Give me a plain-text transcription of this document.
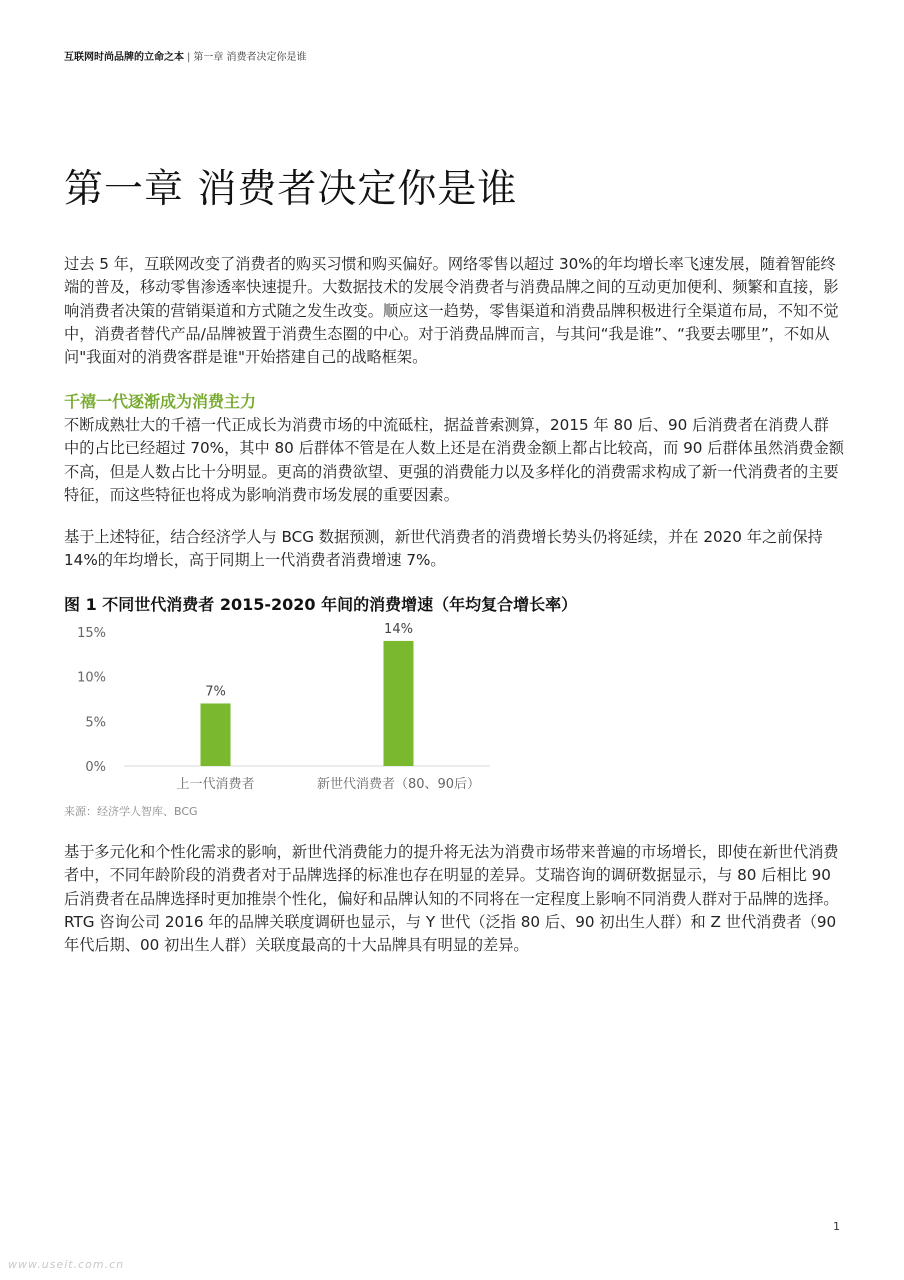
互联网时尚品牌的立命之本 | 第一章 消费者决定你是谁
第一章 消费者决定你是谁

过去 5 年，互联网改变了消费者的购买习惯和购买偏好。网络零售以超过 30%的年均增长率飞速发展，随着智能终端的普及，移动零售渗透率快速提升。大数据技术的发展令消费者与消费品牌之间的互动更加便利、频繁和直接，影响消费者决策的营销渠道和方式随之发生改变。顺应这一趋势，零售渠道和消费品牌积极进行全渠道布局，不知不觉中，消费者替代产品/品牌被置于消费生态圈的中心。对于消费品牌而言，与其问“我是谁”、“我要去哪里”，不如从问"我面对的消费客群是谁"开始搭建自己的战略框架。

千禧一代逐渐成为消费主力

不断成熟壮大的千禧一代正成长为消费市场的中流砥柱，据益普索测算，2015 年 80 后、90 后消费者在消费人群中的占比已经超过 70%，其中 80 后群体不管是在人数上还是在消费金额上都占比较高，而 90 后群体虽然消费金额不高，但是人数占比十分明显。更高的消费欲望、更强的消费能力以及多样化的消费需求构成了新一代消费者的主要特征，而这些特征也将成为影响消费市场发展的重要因素。

基于上述特征，结合经济学人与 BCG 数据预测，新世代消费者的消费增长势头仍将延续，并在 2020 年之前保持 14%的年均增长，高于同期上一代消费者消费增速 7%。

图 1 不同世代消费者 2015-2020 年间的消费增速（年均复合增长率）
0%
5%
10%
15%
7%
上一代消费者
14%
新世代消费者（80、90后）
来源：经济学人智库、BCG

基于多元化和个性化需求的影响，新世代消费能力的提升将无法为消费市场带来普遍的市场增长，即使在新世代消费者中，不同年龄阶段的消费者对于品牌选择的标准也存在明显的差异。艾瑞咨询的调研数据显示，与 80 后相比 90 后消费者在品牌选择时更加推崇个性化，偏好和品牌认知的不同将在一定程度上影响不同消费人群对于品牌的选择。 RTG 咨询公司 2016 年的品牌关联度调研也显示，与 Y 世代（泛指 80 后、90 初出生人群）和 Z 世代消费者（90 年代后期、00 初出生人群）关联度最高的十大品牌具有明显的差异。

1
www.useit.com.cn
